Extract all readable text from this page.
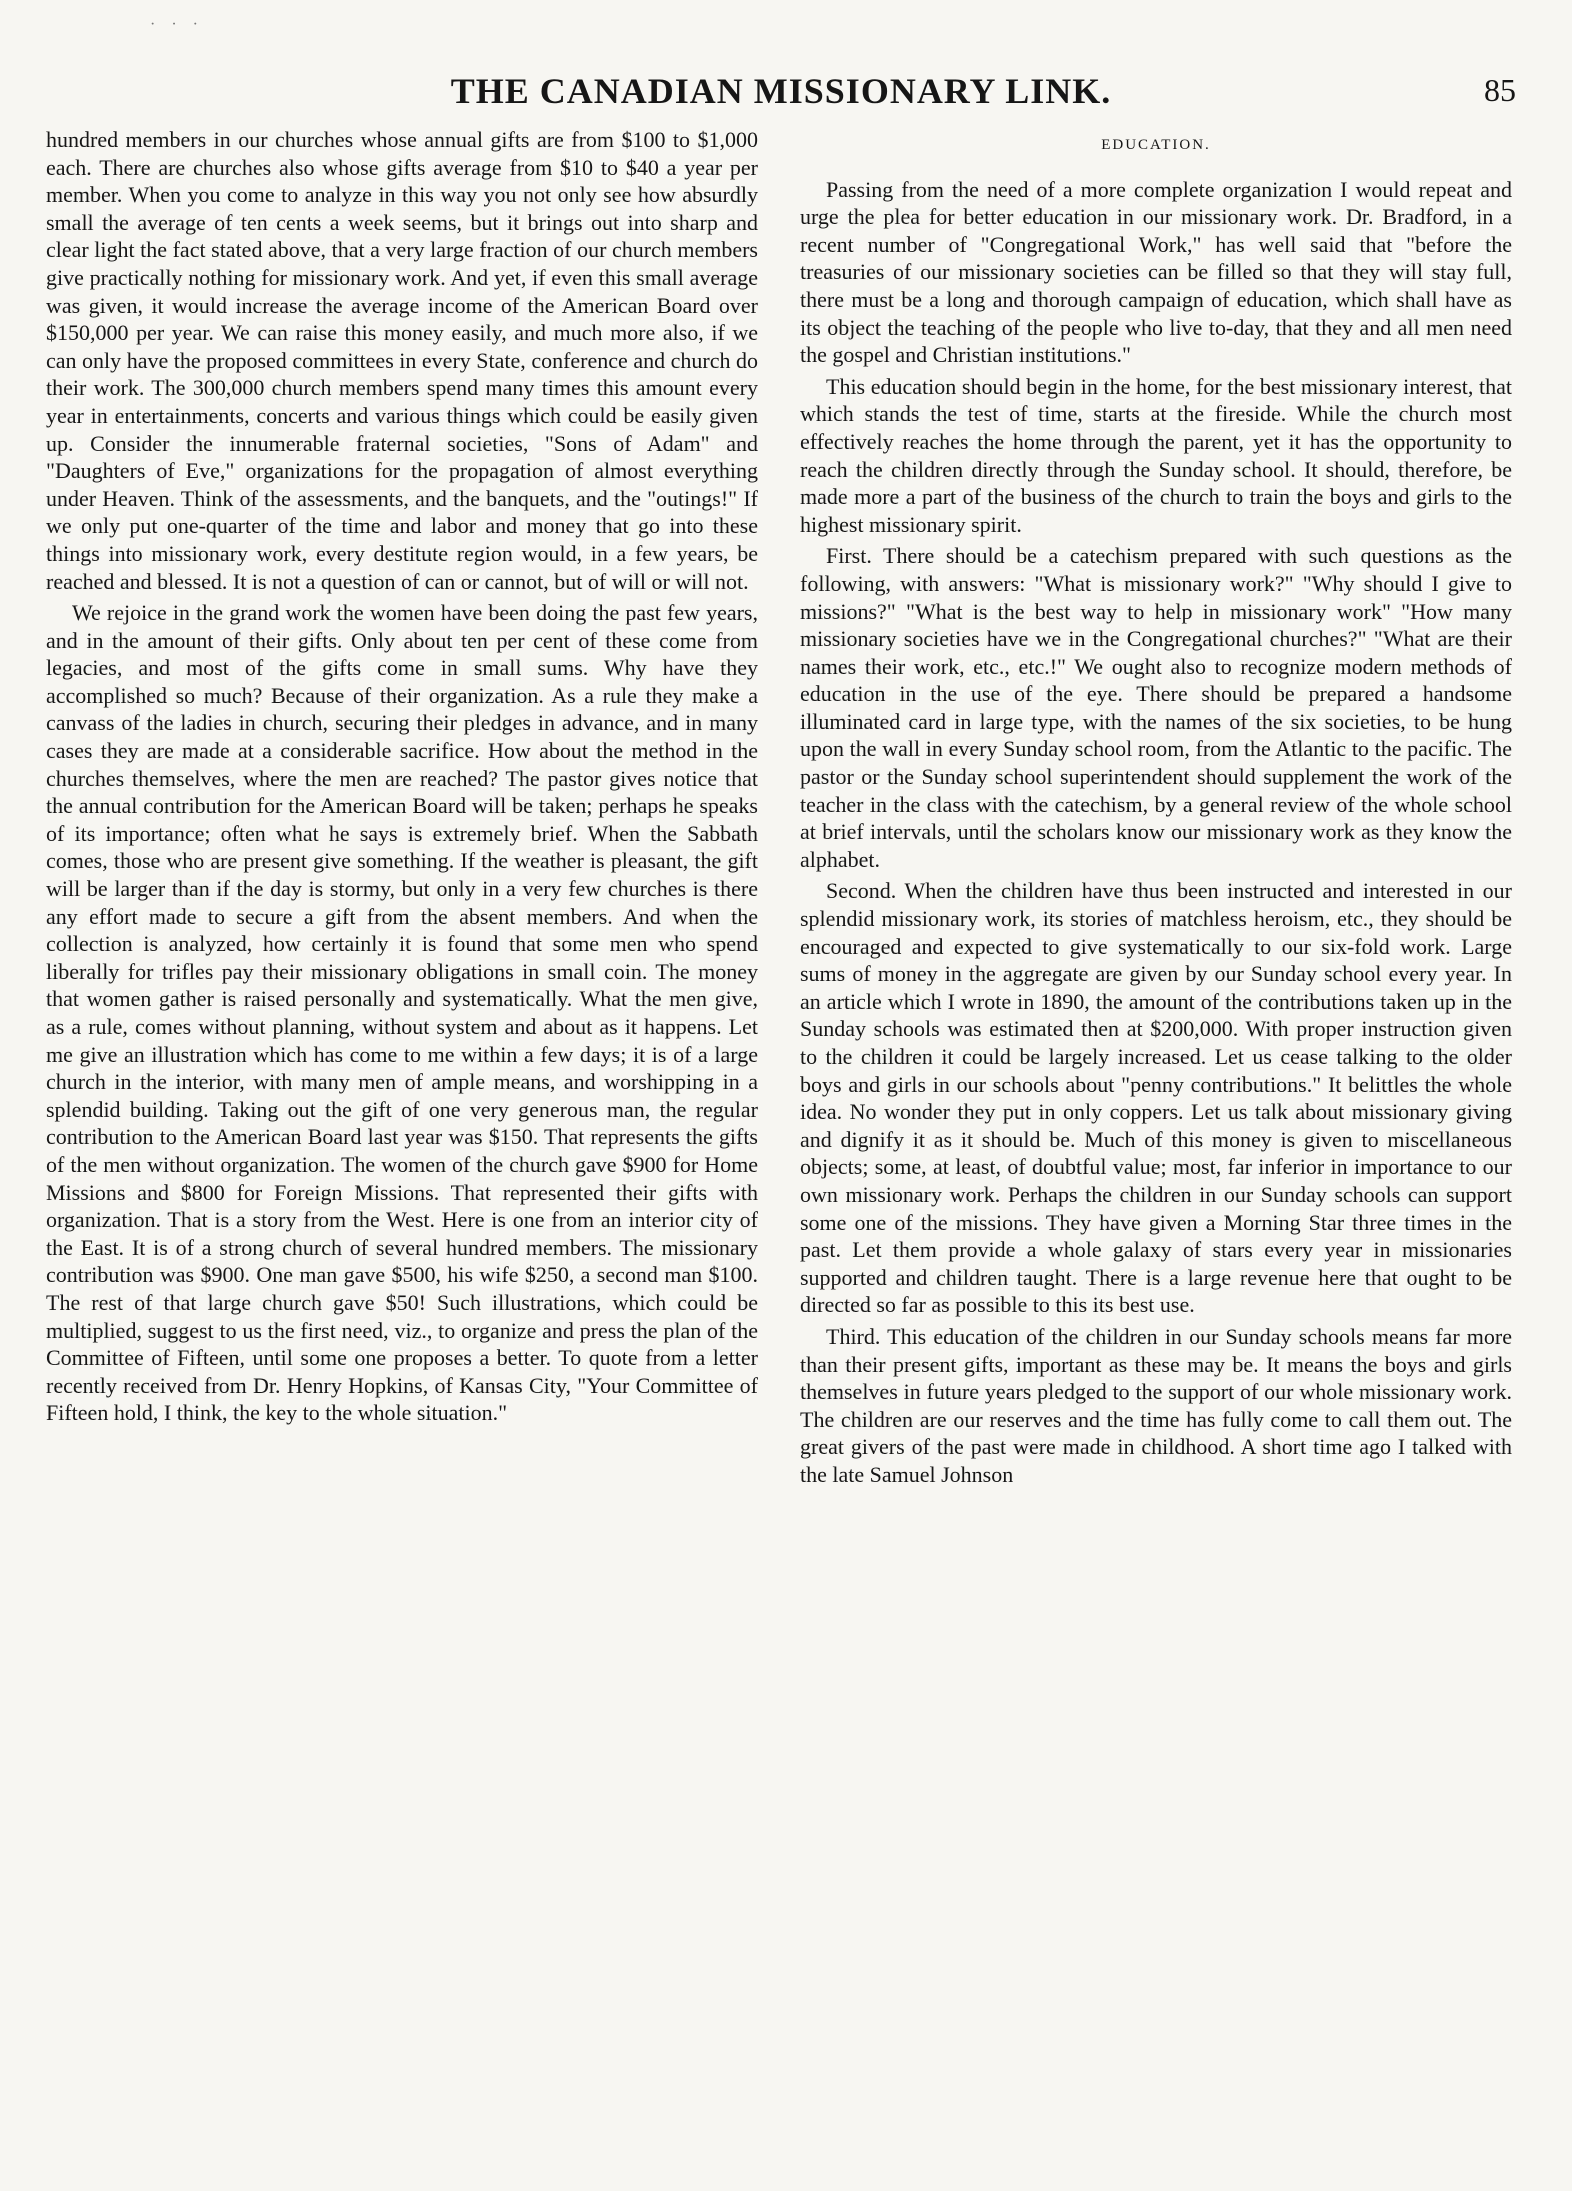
· · ·
THE CANADIAN MISSIONARY LINK.	85

hundred members in our churches whose annual gifts are from $100 to $1,000 each. There are churches also whose gifts average from $10 to $40 a year per member. When you come to analyze in this way you not only see how absurdly small the average of ten cents a week seems, but it brings out into sharp and clear light the fact stated above, that a very large fraction of our church members give practically nothing for missionary work. And yet, if even this small average was given, it would increase the average income of the American Board over $150,000 per year. We can raise this money easily, and much more also, if we can only have the proposed committees in every State, conference and church do their work. The 300,000 church members spend many times this amount every year in entertainments, concerts and various things which could be easily given up. Consider the innumerable fraternal societies, "Sons of Adam" and "Daughters of Eve," organizations for the propagation of almost everything under Heaven. Think of the assessments, and the banquets, and the "outings!" If we only put one-quarter of the time and labor and money that go into these things into missionary work, every destitute region would, in a few years, be reached and blessed. It is not a question of can or cannot, but of will or will not.

We rejoice in the grand work the women have been doing the past few years, and in the amount of their gifts. Only about ten per cent of these come from legacies, and most of the gifts come in small sums. Why have they accomplished so much? Because of their organization. As a rule they make a canvass of the ladies in church, securing their pledges in advance, and in many cases they are made at a considerable sacrifice. How about the method in the churches themselves, where the men are reached? The pastor gives notice that the annual contribution for the American Board will be taken; perhaps he speaks of its importance; often what he says is extremely brief. When the Sabbath comes, those who are present give something. If the weather is pleasant, the gift will be larger than if the day is stormy, but only in a very few churches is there any effort made to secure a gift from the absent members. And when the collection is analyzed, how certainly it is found that some men who spend liberally for trifles pay their missionary obligations in small coin. The money that women gather is raised personally and systematically. What the men give, as a rule, comes without planning, without system and about as it happens. Let me give an illustration which has come to me within a few days; it is of a large church in the interior, with many men of ample means, and worshipping in a splendid building. Taking out the gift of one very generous man, the regular contribution to the American Board last year was $150. That represents the gifts of the men without organization. The women of the church gave $900 for Home Missions and $800 for Foreign Missions. That represented their gifts with organization. That is a story from the West. Here is one from an interior city of the East. It is of a strong church of several hundred members. The missionary contribution was $900. One man gave $500, his wife $250, a second man $100. The rest of that large church gave $50! Such illustrations, which could be multiplied, suggest to us the first need, viz., to organize and press the plan of the Committee of Fifteen, until some one proposes a better. To quote from a letter recently received from Dr. Henry Hopkins, of Kansas City, "Your Committee of Fifteen hold, I think, the key to the whole situation."

EDUCATION.

Passing from the need of a more complete organization I would repeat and urge the plea for better education in our missionary work. Dr. Bradford, in a recent number of "Congregational Work," has well said that "before the treasuries of our missionary societies can be filled so that they will stay full, there must be a long and thorough campaign of education, which shall have as its object the teaching of the people who live to-day, that they and all men need the gospel and Christian institutions."

This education should begin in the home, for the best missionary interest, that which stands the test of time, starts at the fireside. While the church most effectively reaches the home through the parent, yet it has the opportunity to reach the children directly through the Sunday school. It should, therefore, be made more a part of the business of the church to train the boys and girls to the highest missionary spirit.

First. There should be a catechism prepared with such questions as the following, with answers: "What is missionary work?" "Why should I give to missions?" "What is the best way to help in missionary work" "How many missionary societies have we in the Congregational churches?" "What are their names their work, etc., etc.!" We ought also to recognize modern methods of education in the use of the eye. There should be prepared a handsome illuminated card in large type, with the names of the six societies, to be hung upon the wall in every Sunday school room, from the Atlantic to the pacific. The pastor or the Sunday school superintendent should supplement the work of the teacher in the class with the catechism, by a general review of the whole school at brief intervals, until the scholars know our missionary work as they know the alphabet.

Second. When the children have thus been instructed and interested in our splendid missionary work, its stories of matchless heroism, etc., they should be encouraged and expected to give systematically to our six-fold work. Large sums of money in the aggregate are given by our Sunday school every year. In an article which I wrote in 1890, the amount of the contributions taken up in the Sunday schools was estimated then at $200,000. With proper instruction given to the children it could be largely increased. Let us cease talking to the older boys and girls in our schools about "penny contributions." It belittles the whole idea. No wonder they put in only coppers. Let us talk about missionary giving and dignify it as it should be. Much of this money is given to miscellaneous objects; some, at least, of doubtful value; most, far inferior in importance to our own missionary work. Perhaps the children in our Sunday schools can support some one of the missions. They have given a Morning Star three times in the past. Let them provide a whole galaxy of stars every year in missionaries supported and children taught. There is a large revenue here that ought to be directed so far as possible to this its best use.

Third. This education of the children in our Sunday schools means far more than their present gifts, important as these may be. It means the boys and girls themselves in future years pledged to the support of our whole missionary work. The children are our reserves and the time has fully come to call them out. The great givers of the past were made in childhood. A short time ago I talked with the late Samuel Johnson
